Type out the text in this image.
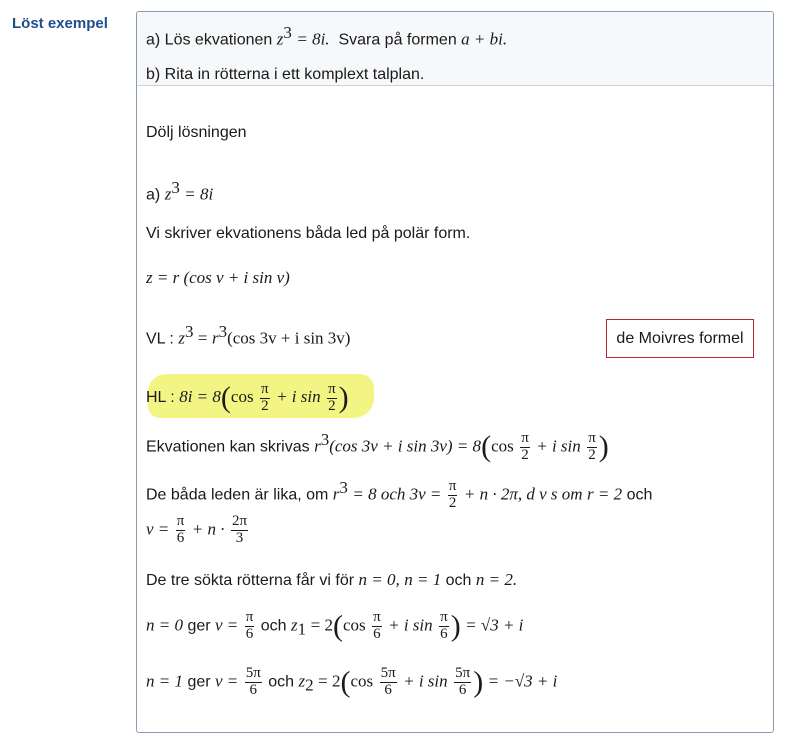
Löst exempel
a) Lös ekvationen $z^3 = 8i$. Svara på formen a + bi.
b) Rita in rötterna i ett komplext talplan.
Dölj lösningen
a) $z^3 = 8i$
Vi skriver ekvationens båda led på polär form.
z = r (cos v + i sin v)
VL : $z^3 = r^3(\cos$ 3v + i sin 3v)	de Moivres formel
HL : $8i = 8(\cos \frac{\pi}{2} + i$ $\sin \frac{\pi}{2}$ )
Ekvationen kan skrivas $r^3(\cos$ 3v + i $\sin 3v) = 8(\cos \frac{\pi}{2} + i$ $\sin \frac{\pi}{2}$ )
De båda leden är lika, om $r^3 = 8$ och $3v = \frac{\pi}{2} + n \cdot 2\pi$, d v s om r = 2 och
$v = \frac{\pi}{6} + n \cdot \frac{2\pi}{3}$
De tre sökta rötterna får vi för n = 0, n = 1 och n = 2.
n = 0 ger $v = \frac{\pi}{6}$ och $z_1 = 2(\cos \frac{\pi}{6} + i$ $\sin \frac{\pi}{6}$ ) = √3 + i
n = 1 ger $v = \frac{5\pi}{6}$ och $z_2 = 2(\cos \frac{5\pi}{6} + i$ $\sin \frac{5\pi}{6}$ ) = −√3 + i
